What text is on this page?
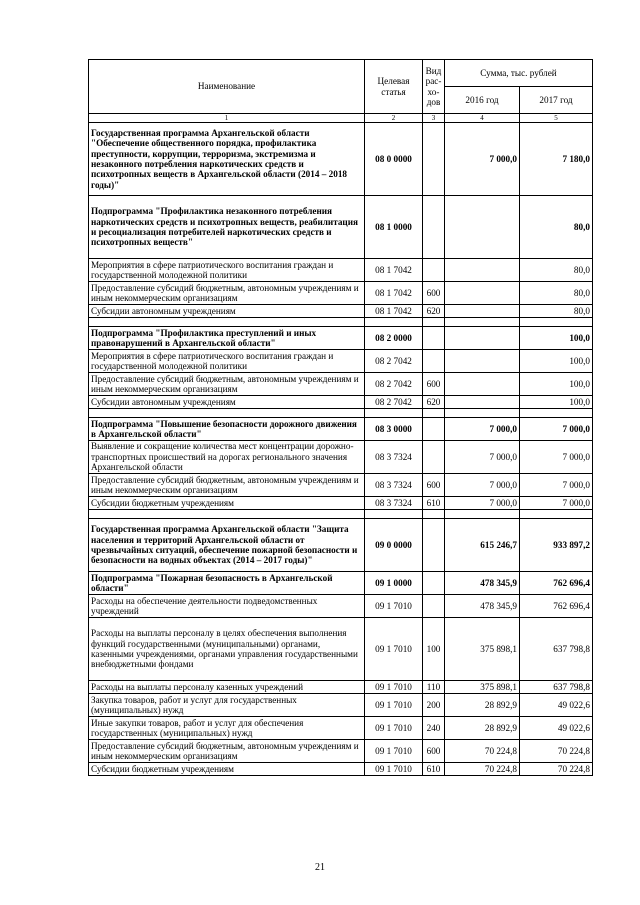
Наименование	Целевая статья	Вид рас-хо-дов	Сумма, тыс. рублей	
			2016 год	2017 год
1	2	3	4	5
Государственная программа Архангельской области "Обеспечение общественного порядка, профилактика преступности, коррупции, терроризма, экстремизма и незаконного потребления наркотических средств и психотропных веществ в Архангельской области (2014 – 2018 годы)"	08 0 0000		7 000,0	7 180,0
Подпрограмма "Профилактика незаконного потребления наркотических средств и психотропных веществ, реабилитация и ресоциализация потребителей наркотических средств и психотропных веществ"	08 1 0000			80,0
Мероприятия в сфере патриотического воспитания граждан и государственной молодежной политики	08 1 7042			80,0
Предоставление субсидий бюджетным, автономным учреждениям и иным некоммерческим организациям	08 1 7042	600		80,0
Субсидии автономным учреждениям	08 1 7042	620		80,0

Подпрограмма "Профилактика преступлений и иных правонарушений в Архангельской области"	08 2 0000			100,0
Мероприятия в сфере патриотического воспитания граждан и государственной молодежной политики	08 2 7042			100,0
Предоставление субсидий бюджетным, автономным учреждениям и иным некоммерческим организациям	08 2 7042	600		100,0
Субсидии автономным учреждениям	08 2 7042	620		100,0

Подпрограмма "Повышение безопасности дорожного движения в Архангельской области"	08 3 0000		7 000,0	7 000,0
Выявление и сокращение количества мест концентрации дорожно-транспортных происшествий на дорогах регионального значения Архангельской области	08 3 7324		7 000,0	7 000,0
Предоставление субсидий бюджетным, автономным учреждениям и иным некоммерческим организациям	08 3 7324	600	7 000,0	7 000,0
Субсидии бюджетным учреждениям	08 3 7324	610	7 000,0	7 000,0

Государственная программа Архангельской области "Защита населения и территорий Архангельской области от чрезвычайных ситуаций, обеспечение пожарной безопасности и безопасности на водных объектах (2014 – 2017 годы)"	09 0 0000		615 246,7	933 897,2
Подпрограмма "Пожарная безопасность в Архангельской области"	09 1 0000		478 345,9	762 696,4
Расходы на обеспечение деятельности подведомственных учреждений	09 1 7010		478 345,9	762 696,4
Расходы на выплаты персоналу в целях обеспечения выполнения функций государственными (муниципальными) органами, казенными учреждениями, органами управления государственными внебюджетными фондами	09 1 7010	100	375 898,1	637 798,8
Расходы на выплаты персоналу казенных учреждений	09 1 7010	110	375 898,1	637 798,8
Закупка товаров, работ и услуг для государственных (муниципальных) нужд	09 1 7010	200	28 892,9	49 022,6
Иные закупки товаров, работ и услуг для обеспечения государственных (муниципальных) нужд	09 1 7010	240	28 892,9	49 022,6
Предоставление субсидий бюджетным, автономным учреждениям и иным некоммерческим организациям	09 1 7010	600	70 224,8	70 224,8
Субсидии бюджетным учреждениям	09 1 7010	610	70 224,8	70 224,8
21
